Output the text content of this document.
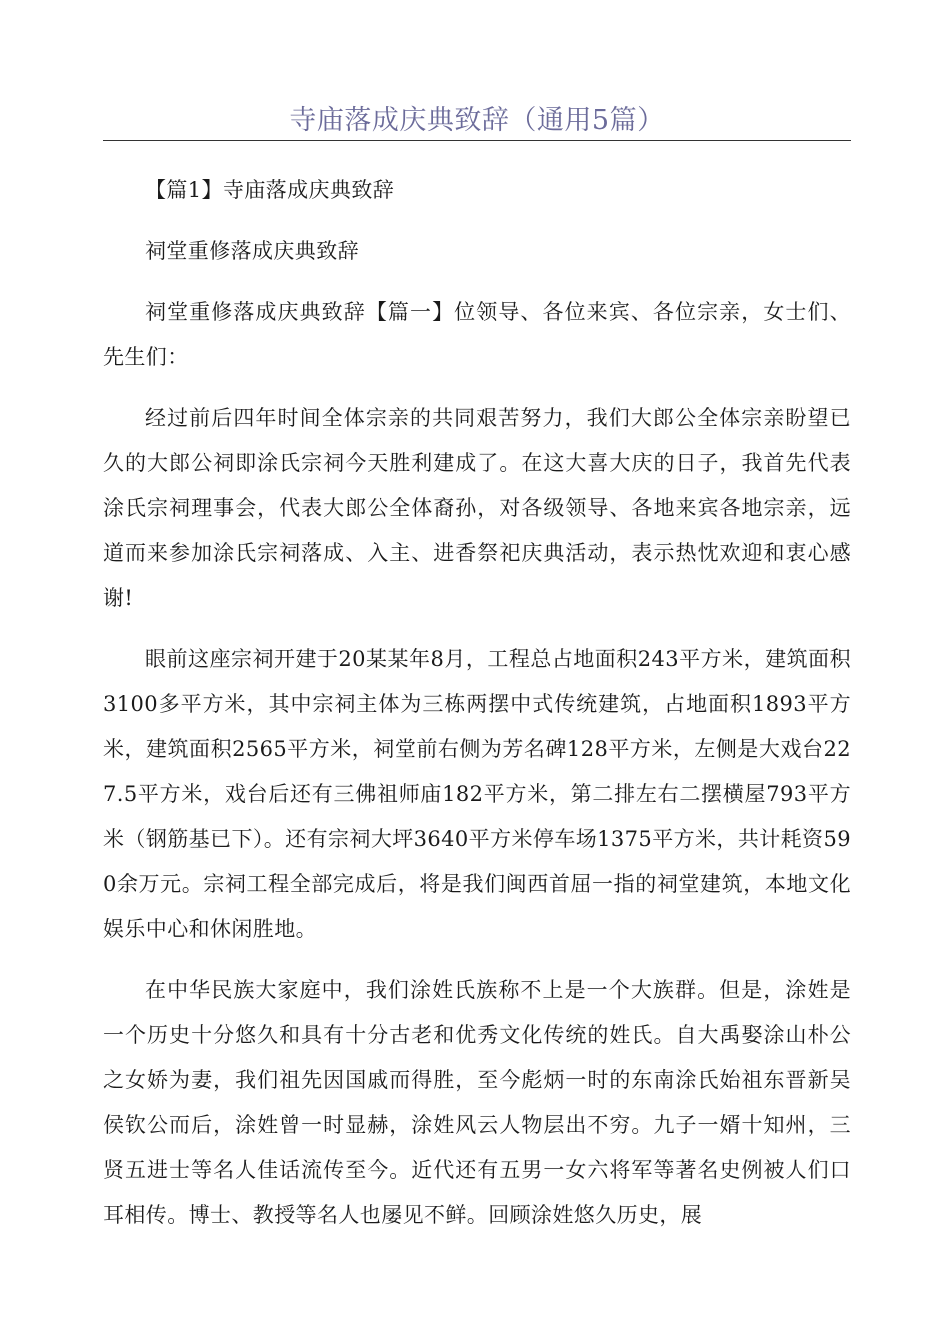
寺庙落成庆典致辞（通用5篇）

【篇1】寺庙落成庆典致辞

祠堂重修落成庆典致辞

祠堂重修落成庆典致辞【篇一】位领导、各位来宾、各位宗亲，女士们、先生们：

经过前后四年时间全体宗亲的共同艰苦努力，我们大郎公全体宗亲盼望已久的大郎公祠即涂氏宗祠今天胜利建成了。在这大喜大庆的日子，我首先代表涂氏宗祠理事会，代表大郎公全体裔孙，对各级领导、各地来宾各地宗亲，远道而来参加涂氏宗祠落成、入主、进香祭祀庆典活动，表示热忱欢迎和衷心感谢!

眼前这座宗祠开建于20某某年8月，工程总占地面积243平方米，建筑面积3100多平方米，其中宗祠主体为三栋两摆中式传统建筑，占地面积1893平方米，建筑面积2565平方米，祠堂前右侧为芳名碑128平方米，左侧是大戏台227.5平方米，戏台后还有三佛祖师庙182平方米，第二排左右二摆横屋793平方米（钢筋基已下）。还有宗祠大坪3640平方米停车场1375平方米，共计耗资590余万元。宗祠工程全部完成后，将是我们闽西首屈一指的祠堂建筑，本地文化娱乐中心和休闲胜地。

在中华民族大家庭中，我们涂姓氏族称不上是一个大族群。但是，涂姓是一个历史十分悠久和具有十分古老和优秀文化传统的姓氏。自大禹娶涂山朴公之女娇为妻，我们祖先因国戚而得胜，至今彪炳一时的东南涂氏始祖东晋新吴侯钦公而后，涂姓曾一时显赫，涂姓风云人物层出不穷。九子一婿十知州，三贤五进士等名人佳话流传至今。近代还有五男一女六将军等著名史例被人们口耳相传。博士、教授等名人也屡见不鲜。回顾涂姓悠久历史，展
